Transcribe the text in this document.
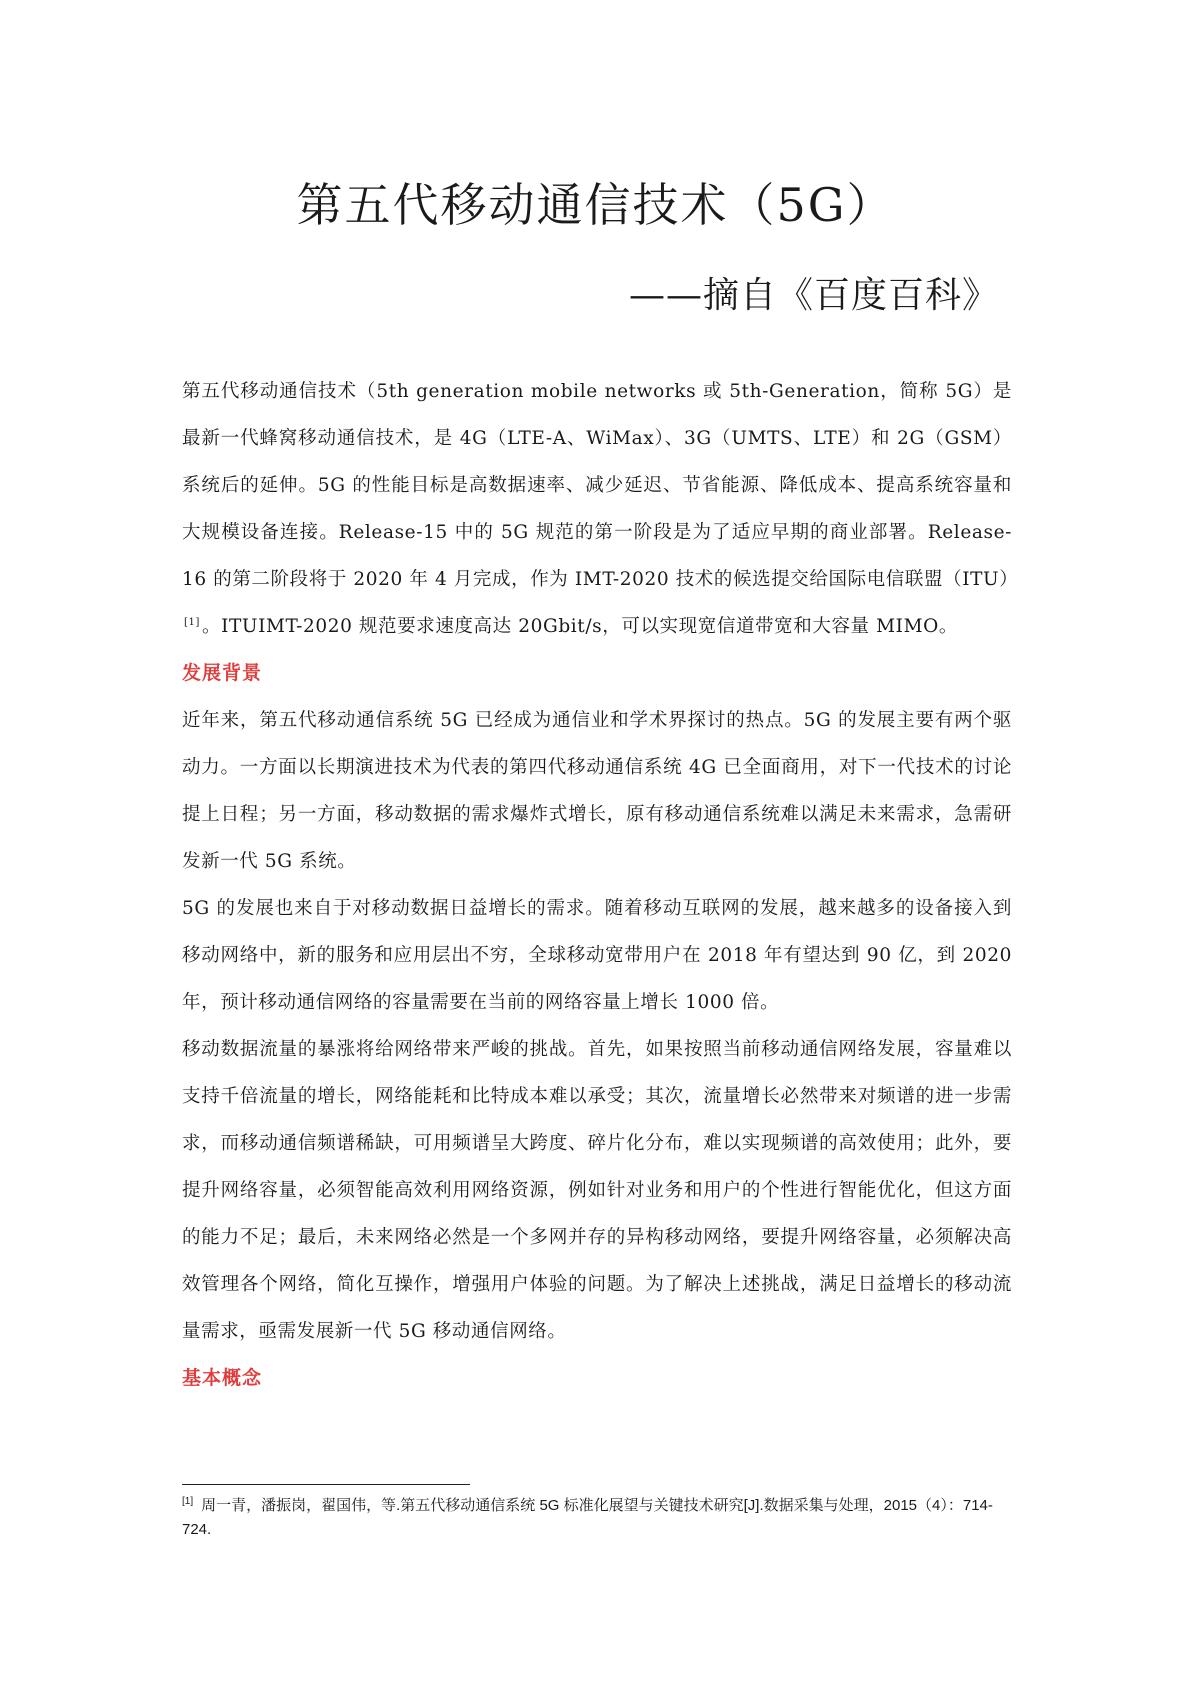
第五代移动通信技术（5G）
——摘自《百度百科》

第五代移动通信技术（5th generation mobile networks 或 5th-Generation，简称 5G）是最新一代蜂窝移动通信技术，是 4G（LTE-A、WiMax）、3G（UMTS、LTE）和 2G（GSM）系统后的延伸。5G 的性能目标是高数据速率、减少延迟、节省能源、降低成本、提高系统容量和大规模设备连接。Release-15 中的 5G 规范的第一阶段是为了适应早期的商业部署。Release-16 的第二阶段将于 2020 年 4 月完成，作为 IMT-2020 技术的候选提交给国际电信联盟（ITU）[1] 。ITUIMT-2020 规范要求速度高达 20Gbit/s，可以实现宽信道带宽和大容量 MIMO。

发展背景

近年来，第五代移动通信系统 5G 已经成为通信业和学术界探讨的热点。5G 的发展主要有两个驱动力。一方面以长期演进技术为代表的第四代移动通信系统 4G 已全面商用，对下一代技术的讨论提上日程；另一方面，移动数据的需求爆炸式增长，原有移动通信系统难以满足未来需求，急需研发新一代 5G 系统。

5G 的发展也来自于对移动数据日益增长的需求。随着移动互联网的发展，越来越多的设备接入到移动网络中，新的服务和应用层出不穷，全球移动宽带用户在 2018 年有望达到 90 亿，到 2020 年，预计移动通信网络的容量需要在当前的网络容量上增长 1000 倍。

移动数据流量的暴涨将给网络带来严峻的挑战。首先，如果按照当前移动通信网络发展，容量难以支持千倍流量的增长，网络能耗和比特成本难以承受；其次，流量增长必然带来对频谱的进一步需求，而移动通信频谱稀缺，可用频谱呈大跨度、碎片化分布，难以实现频谱的高效使用；此外，要提升网络容量，必须智能高效利用网络资源，例如针对业务和用户的个性进行智能优化，但这方面的能力不足；最后，未来网络必然是一个多网并存的异构移动网络，要提升网络容量，必须解决高效管理各个网络，简化互操作，增强用户体验的问题。为了解决上述挑战，满足日益增长的移动流量需求，亟需发展新一代 5G 移动通信网络。

基本概念
[1] 周一青，潘振岗，翟国伟，等.第五代移动通信系统 5G 标准化展望与关键技术研究[J].数据采集与处理，2015（4）：714-724.
